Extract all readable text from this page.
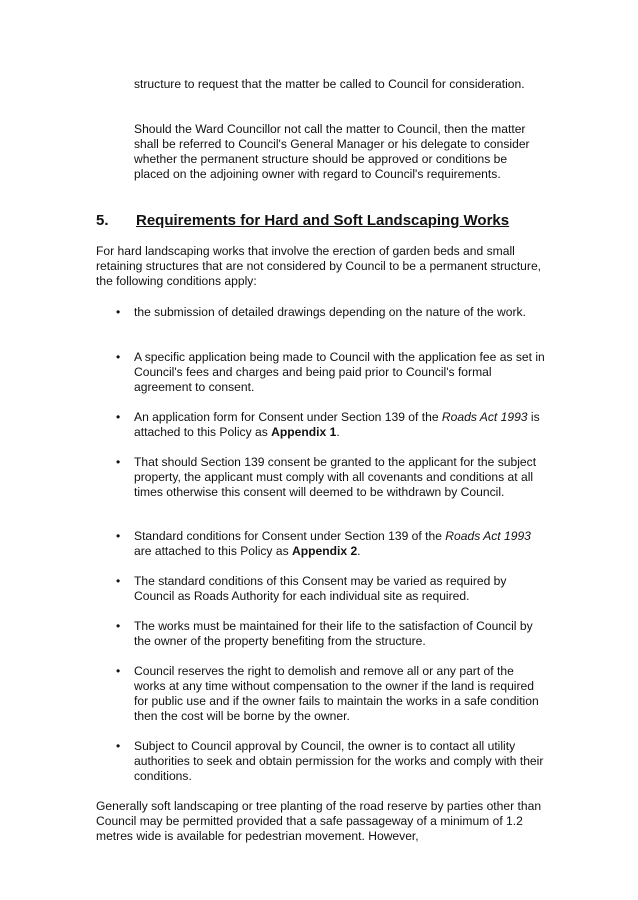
structure to request that the matter be called to Council for consideration.

Should the Ward Councillor not call the matter to Council, then the matter shall be referred to Council's General Manager or his delegate to consider whether the permanent structure should be approved or conditions be placed on the adjoining owner with regard to Council's requirements.

5. Requirements for Hard and Soft Landscaping Works

For hard landscaping works that involve the erection of garden beds and small retaining structures that are not considered by Council to be a permanent structure, the following conditions apply:

• the submission of detailed drawings depending on the nature of the work.

• A specific application being made to Council with the application fee as set in Council's fees and charges and being paid prior to Council's formal agreement to consent.

• An application form for Consent under Section 139 of the Roads Act 1993 is attached to this Policy as Appendix 1.

• That should Section 139 consent be granted to the applicant for the subject property, the applicant must comply with all covenants and conditions at all times otherwise this consent will deemed to be withdrawn by Council.

• Standard conditions for Consent under Section 139 of the Roads Act 1993 are attached to this Policy as Appendix 2.

• The standard conditions of this Consent may be varied as required by Council as Roads Authority for each individual site as required.

• The works must be maintained for their life to the satisfaction of Council by the owner of the property benefiting from the structure.

• Council reserves the right to demolish and remove all or any part of the works at any time without compensation to the owner if the land is required for public use and if the owner fails to maintain the works in a safe condition then the cost will be borne by the owner.

• Subject to Council approval by Council, the owner is to contact all utility authorities to seek and obtain permission for the works and comply with their conditions.

Generally soft landscaping or tree planting of the road reserve by parties other than Council may be permitted provided that a safe passageway of a minimum of 1.2 metres wide is available for pedestrian movement. However,
